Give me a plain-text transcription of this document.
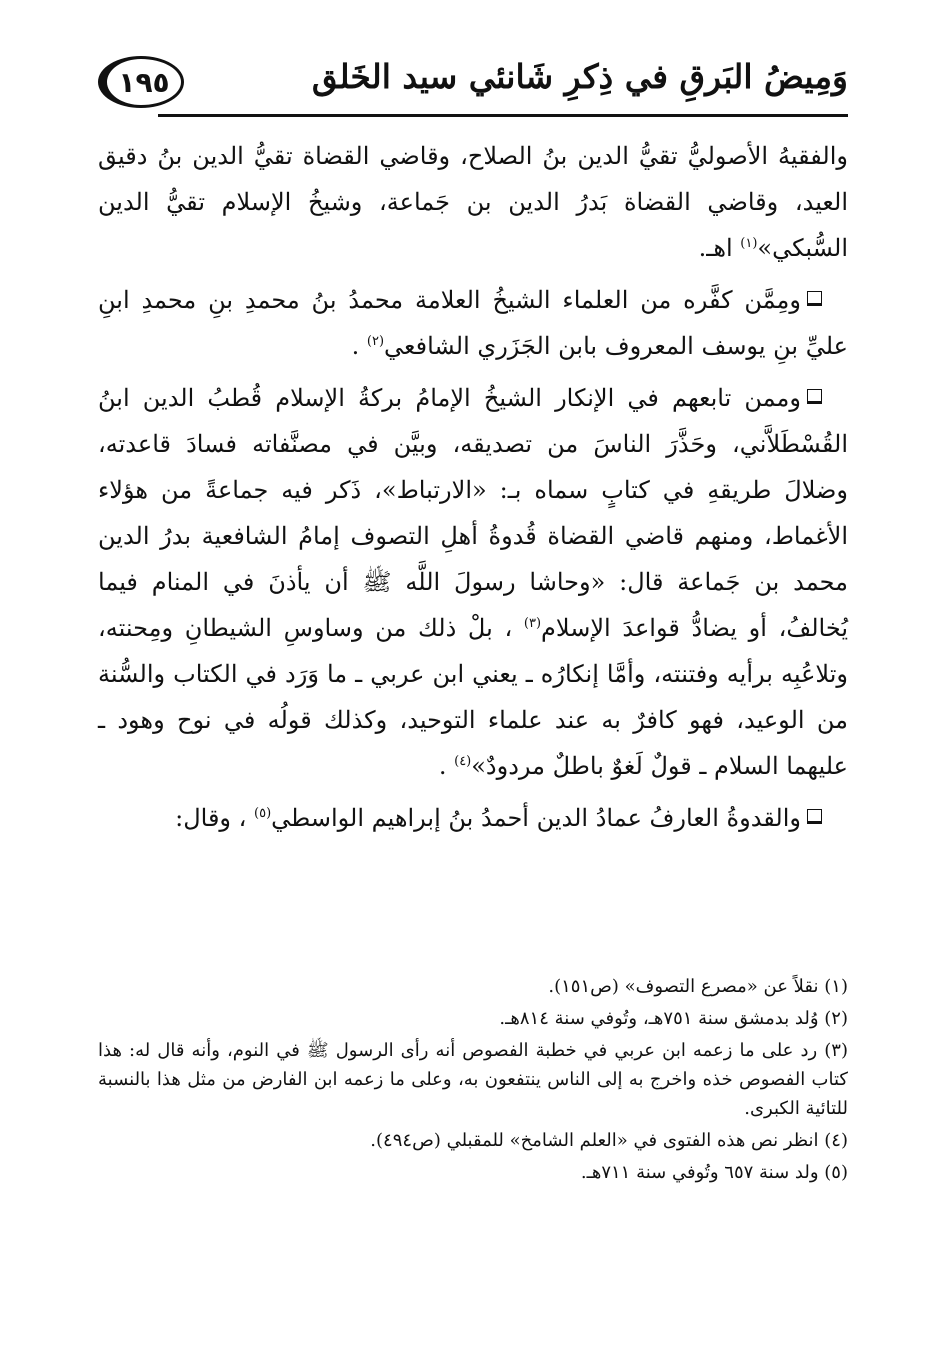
١٩٥	وَمِيضُ البَرقِ في ذِكرِ شَانئي سيد الخَلق

والفقيهُ الأصوليُّ تقيُّ الدين بنُ الصلاح، وقاضي القضاة تقيُّ الدين بنُ دقيق العيد، وقاضي القضاة بَدرُ الدين بن جَماعة، وشيخُ الإسلام تقيُّ الدين السُّبكي»$^{(١)}$ اهـ.

ومِمَّن كفَّره من العلماء الشيخُ العلامة محمدُ بنُ محمدِ بنِ محمدِ ابنِ عليِّ بنِ يوسف المعروف بابن الجَزَري الشافعي$^{(٢)}$ .

وممن تابعهم في الإنكار الشيخُ الإمامُ بركةُ الإسلام قُطبُ الدين ابنُ القُسْطَلاَّني، وحَذَّرَ الناسَ من تصديقه، وبيَّن في مصنَّفاته فسادَ قاعدته، وضلالَ طريقهِ في كتابٍ سماه بـ: «الارتباط»، ذَكر فيه جماعةً من هؤلاء الأغماط، ومنهم قاضي القضاة قُدوةُ أهلِ التصوف إمامُ الشافعية بدرُ الدين محمد بن جَماعة قال: «وحاشا رسولَ اللَّه ﷺ أن يأذنَ في المنام فيما يُخالفُ، أو يضادُّ قواعدَ الإسلام$^{(٣)}$ ، بلْ ذلك من وساوسِ الشيطانِ ومِحنته، وتلاعُبِه برأيه وفتنته، وأمَّا إنكارُه ـ يعني ابن عربي ـ ما وَرَد في الكتاب والسُّنة من الوعيد، فهو كافرٌ به عند علماء التوحيد، وكذلك قولُه في نوح وهود ـ عليهما السلام ـ قولٌ لَغوٌ باطلٌ مردودٌ»$^{(٤)}$ .

والقدوةُ العارفُ عمادُ الدين أحمدُ بنُ إبراهيم الواسطي$^{(٥)}$ ، وقال:

(١) نقلاً عن «مصرع التصوف» (ص١٥١).

(٢) وُلد بدمشق سنة ٧٥١هـ، وتُوفي سنة ٨١٤هـ.

(٣) رد على ما زعمه ابن عربي في خطبة الفصوص أنه رأى الرسول ﷺ في النوم، وأنه قال له: هذا كتاب الفصوص خذه واخرج به إلى الناس ينتفعون به، وعلى ما زعمه ابن الفارض من مثل هذا بالنسبة للتائية الكبرى.

(٤) انظر نص هذه الفتوى في «العلم الشامخ» للمقبلي (ص٤٩٤).

(٥) ولد سنة ٦٥٧ وتُوفي سنة ٧١١هـ.
